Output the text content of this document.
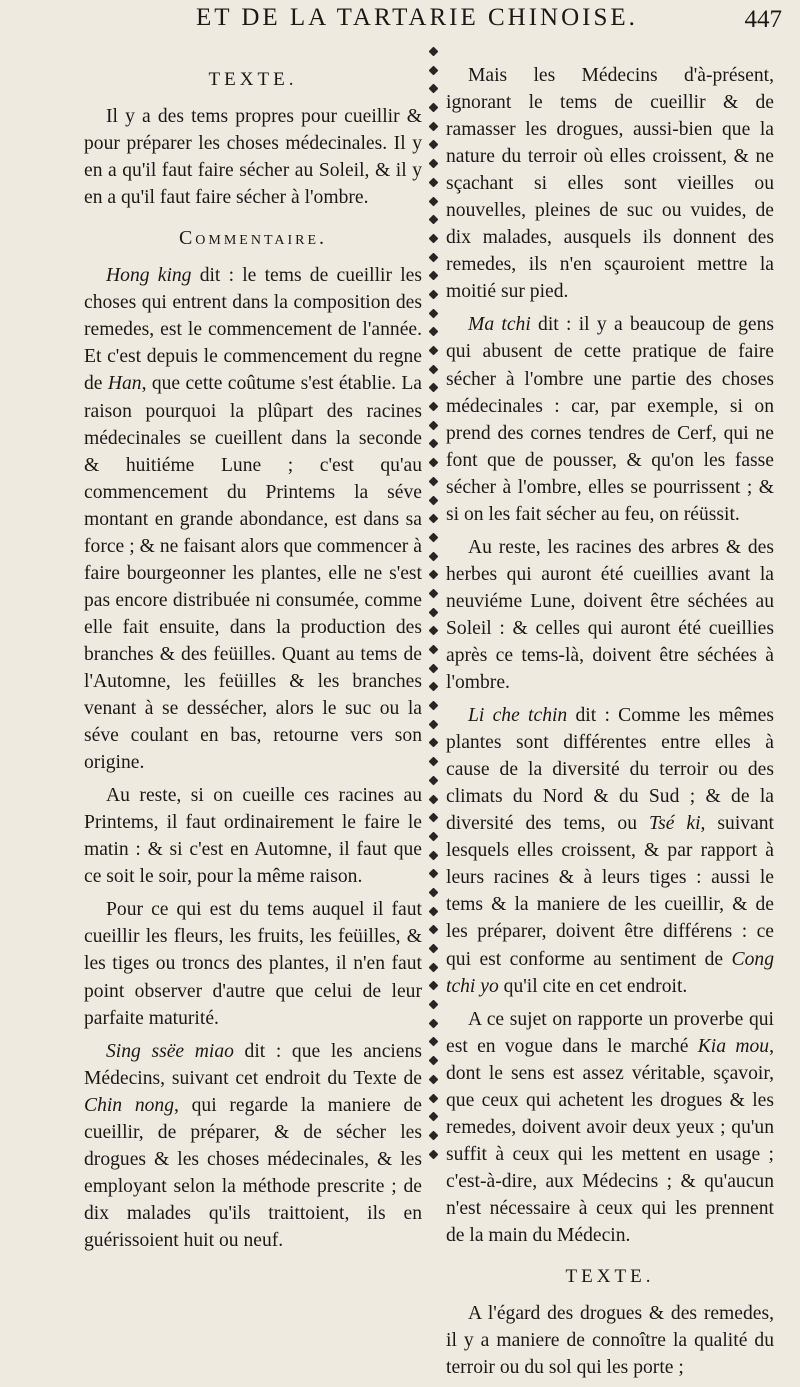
ET DE LA TARTARIE CHINOISE.	447
TEXTE.

Il y a des tems propres pour cueillir & pour préparer les choses médecinales. Il y en a qu'il faut faire sécher au Soleil, & il y en a qu'il faut faire sécher à l'ombre.

Commentaire.

Hong king dit : le tems de cueillir les choses qui entrent dans la composition des remedes, est le commencement de l'année. Et c'est depuis le commencement du regne de Han, que cette coûtume s'est établie. La raison pourquoi la plûpart des racines médecinales se cueillent dans la seconde & huitiéme Lune ; c'est qu'au commencement du Printems la séve montant en grande abondance, est dans sa force ; & ne faisant alors que commencer à faire bourgeonner les plantes, elle ne s'est pas encore distribuée ni consumée, comme elle fait ensuite, dans la production des branches & des feüilles. Quant au tems de l'Automne, les feüilles & les branches venant à se dessécher, alors le suc ou la séve coulant en bas, retourne vers son origine.

Au reste, si on cueille ces racines au Printems, il faut ordinairement le faire le matin : & si c'est en Automne, il faut que ce soit le soir, pour la même raison.

Pour ce qui est du tems auquel il faut cueillir les fleurs, les fruits, les feüilles, & les tiges ou troncs des plantes, il n'en faut point observer d'autre que celui de leur parfaite maturité.

Sing ssëe miao dit : que les anciens Médecins, suivant cet endroit du Texte de Chin nong, qui regarde la maniere de cueillir, de préparer, & de sécher les drogues & les choses médecinales, & les employant selon la méthode prescrite ; de dix malades qu'ils traittoient, ils en guérissoient huit ou neuf.

Mais les Médecins d'à-présent, ignorant le tems de cueillir & de ramasser les drogues, aussi-bien que la nature du terroir où elles croissent, & ne sçachant si elles sont vieilles ou nouvelles, pleines de suc ou vuides, de dix malades, ausquels ils donnent des remedes, ils n'en sçauroient mettre la moitié sur pied.

Ma tchi dit : il y a beaucoup de gens qui abusent de cette pratique de faire sécher à l'ombre une partie des choses médecinales : car, par exemple, si on prend des cornes tendres de Cerf, qui ne font que de pousser, & qu'on les fasse sécher à l'ombre, elles se pourrissent ; & si on les fait sécher au feu, on réüssit.

Au reste, les racines des arbres & des herbes qui auront été cueillies avant la neuviéme Lune, doivent être séchées au Soleil : & celles qui auront été cueillies après ce tems-là, doivent être séchées à l'ombre.

Li che tchin dit : Comme les mêmes plantes sont différentes entre elles à cause de la diversité du terroir ou des climats du Nord & du Sud ; & de la diversité des tems, ou Tsé ki, suivant lesquels elles croissent, & par rapport à leurs racines & à leurs tiges : aussi le tems & la maniere de les cueillir, & de les préparer, doivent être différens : ce qui est conforme au sentiment de Cong tchi yo qu'il cite en cet endroit.

A ce sujet on rapporte un proverbe qui est en vogue dans le marché Kia mou, dont le sens est assez véritable, sçavoir, que ceux qui achetent les drogues & les remedes, doivent avoir deux yeux ; qu'un suffit à ceux qui les mettent en usage ; c'est-à-dire, aux Médecins ; & qu'aucun n'est nécessaire à ceux qui les prennent de la main du Médecin.

TEXTE.

A l'égard des drogues & des remedes, il y a maniere de connoître la qualité du terroir ou du sol qui les porte ;
